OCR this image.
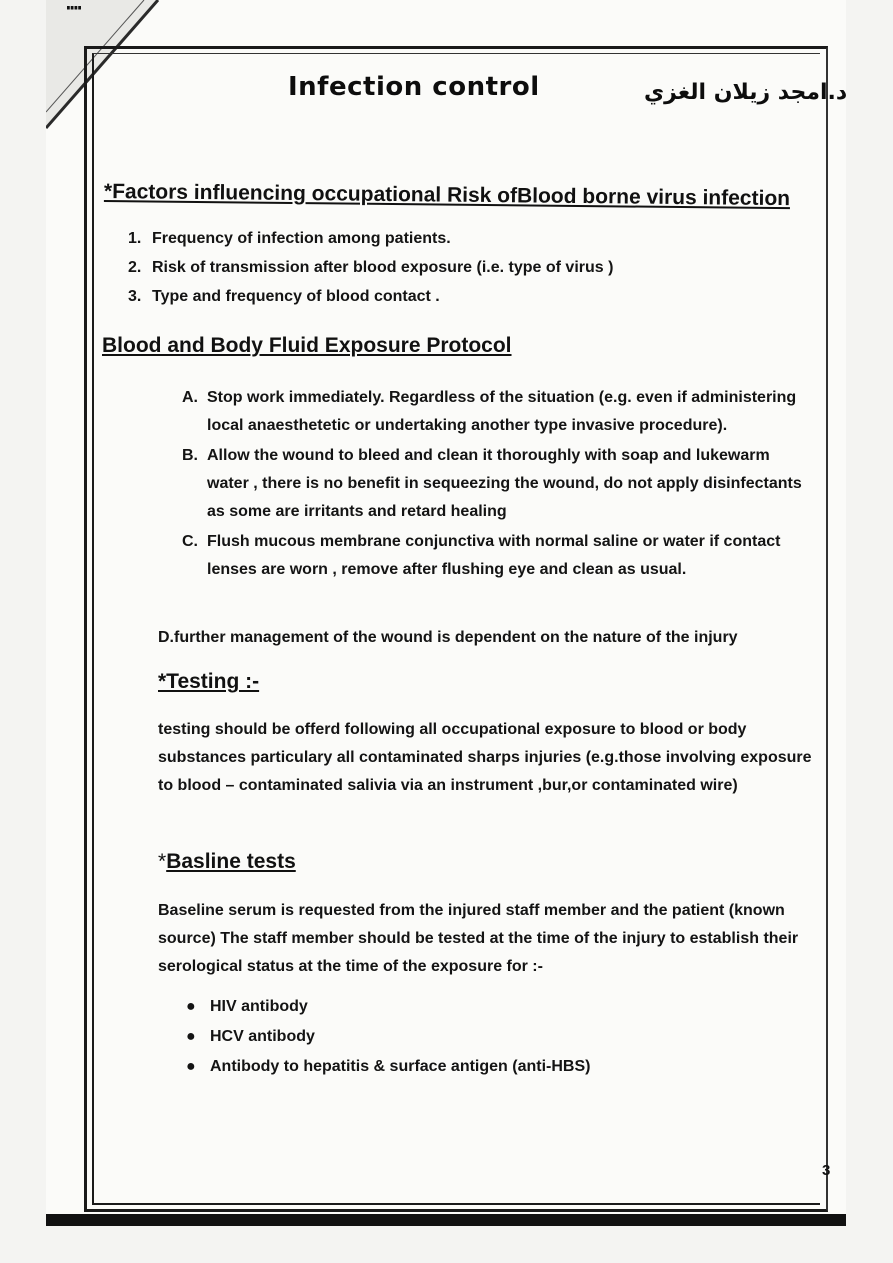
⁞
Infection control	د.امجد زيلان الغزي
*Factors influencing occupational Risk ofBlood borne virus infection
1. Frequency of infection among patients.
2. Risk of transmission after blood exposure (i.e. type of virus )
3. Type and frequency of blood contact .
Blood and Body Fluid Exposure Protocol
A. Stop work immediately. Regardless of the situation (e.g. even if administering local anaesthetetic or undertaking another type invasive procedure).
B. Allow the wound to bleed and clean it thoroughly with soap and lukewarm water , there is no benefit in sequeezing the wound, do not apply disinfectants as some are irritants and retard healing
C. Flush mucous membrane conjunctiva with normal saline or water if contact lenses are worn , remove after flushing eye and clean as usual.

D.further management of the wound is dependent on the nature of the injury

*Testing :-

testing should be offerd following all occupational exposure to blood or body substances particulary all contaminated sharps injuries (e.g.those involving exposure to blood – contaminated salivia via an instrument ,bur,or contaminated wire)

*Basline tests

Baseline serum is requested from the injured staff member and the patient (known source) The staff member should be tested at the time of the injury to establish their serological status at the time of the exposure for :-

● HIV antibody
● HCV antibody
● Antibody to hepatitis & surface antigen (anti-HBS)
3
